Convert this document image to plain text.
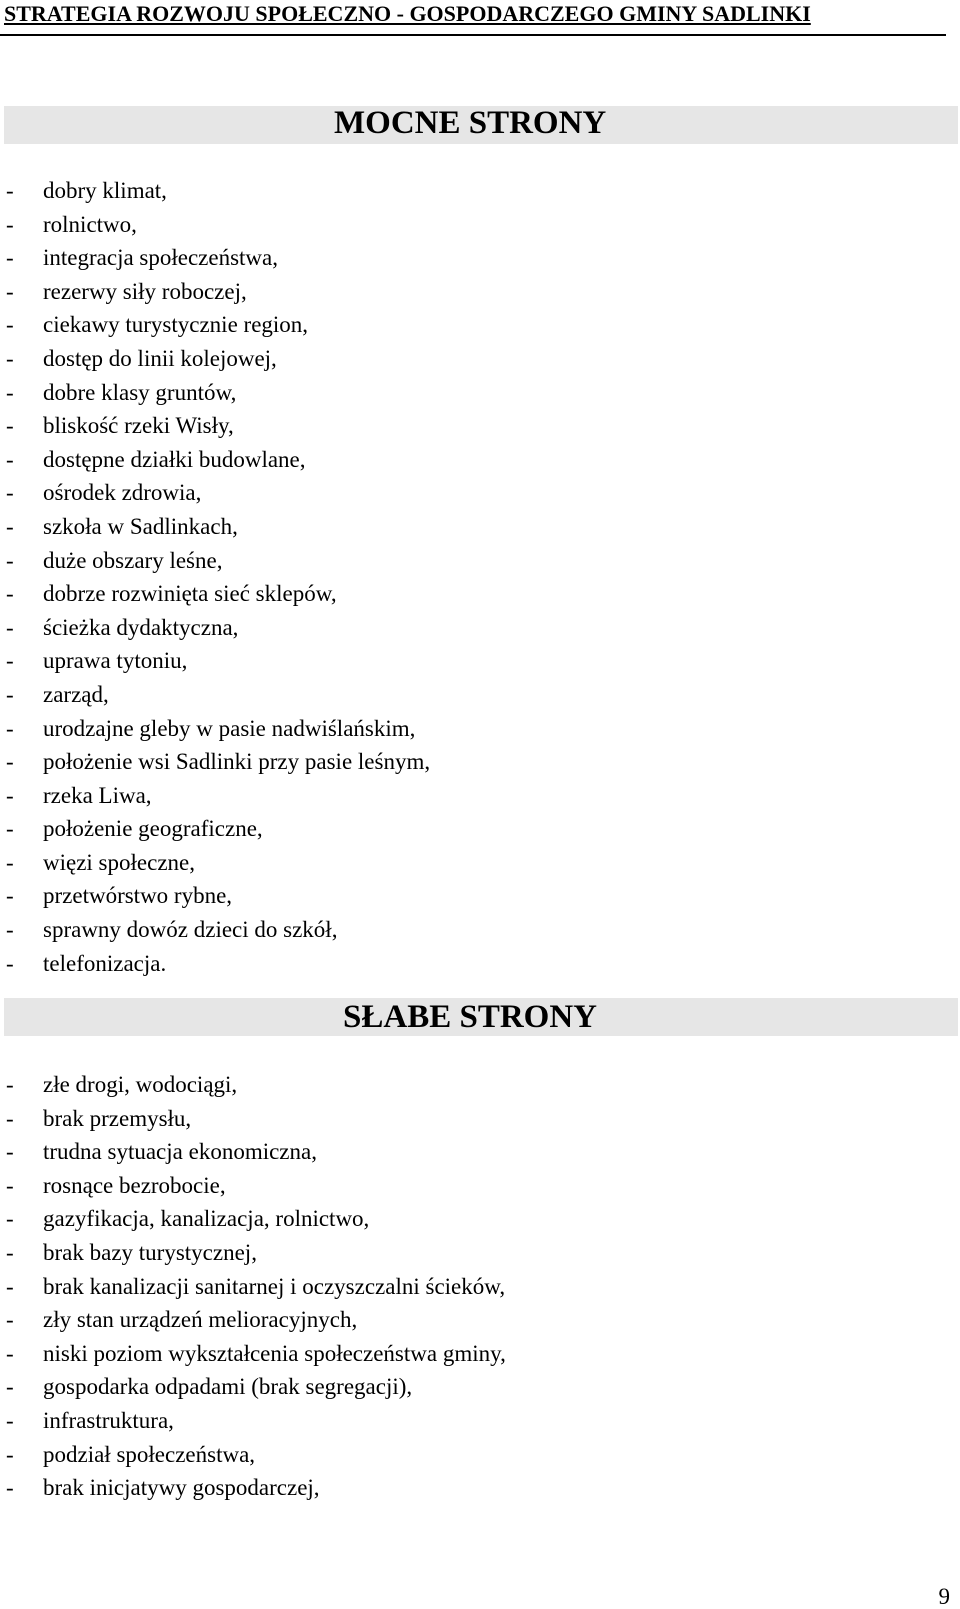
STRATEGIA ROZWOJU SPOŁECZNO - GOSPODARCZEGO GMINY SADLINKI
MOCNE STRONY
- dobry klimat,
- rolnictwo,
- integracja społeczeństwa,
- rezerwy siły roboczej,
- ciekawy turystycznie region,
- dostęp do linii kolejowej,
- dobre klasy gruntów,
- bliskość rzeki Wisły,
- dostępne działki budowlane,
- ośrodek zdrowia,
- szkoła w Sadlinkach,
- duże obszary leśne,
- dobrze rozwinięta sieć sklepów,
- ścieżka dydaktyczna,
- uprawa tytoniu,
- zarząd,
- urodzajne gleby w pasie nadwiślańskim,
- położenie wsi Sadlinki przy pasie leśnym,
- rzeka Liwa,
- położenie geograficzne,
- więzi społeczne,
- przetwórstwo rybne,
- sprawny dowóz dzieci do szkół,
- telefonizacja.
SŁABE STRONY
- złe drogi, wodociągi,
- brak przemysłu,
- trudna sytuacja ekonomiczna,
- rosnące bezrobocie,
- gazyfikacja, kanalizacja, rolnictwo,
- brak bazy turystycznej,
- brak kanalizacji sanitarnej i oczyszczalni ścieków,
- zły stan urządzeń melioracyjnych,
- niski poziom wykształcenia społeczeństwa gminy,
- gospodarka odpadami (brak segregacji),
- infrastruktura,
- podział społeczeństwa,
- brak inicjatywy gospodarczej,
9
